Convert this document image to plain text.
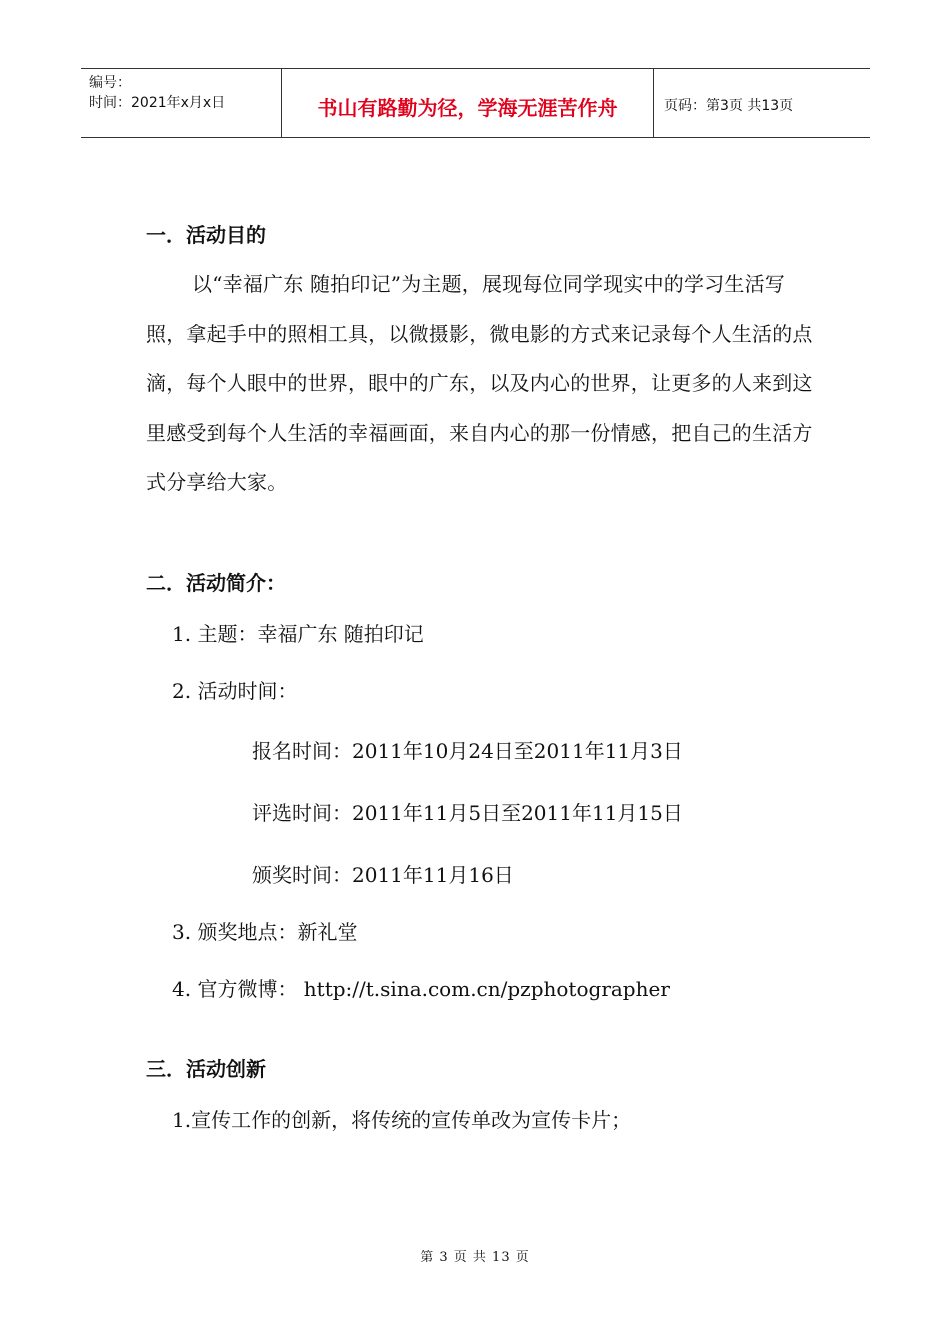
编号：
时间：2021年x月x日	书山有路勤为径，学海无涯苦作舟	页码：第3页 共13页
一．活动目的
以“幸福广东 随拍印记”为主题，展现每位同学现实中的学习生活写照，拿起手中的照相工具，以微摄影，微电影的方式来记录每个人生活的点滴，每个人眼中的世界，眼中的广东，以及内心的世界，让更多的人来到这里感受到每个人生活的幸福画面，来自内心的那一份情感，把自己的生活方式分享给大家。
二．活动简介：
1. 主题：幸福广东 随拍印记
2. 活动时间：
报名时间：2011年10月24日至2011年11月3日
评选时间：2011年11月5日至2011年11月15日
颁奖时间：2011年11月16日
3. 颁奖地点：新礼堂
4. 官方微博： http://t.sina.com.cn/pzphotographer
三．活动创新
1.宣传工作的创新，将传统的宣传单改为宣传卡片；
第 3 页 共 13 页
